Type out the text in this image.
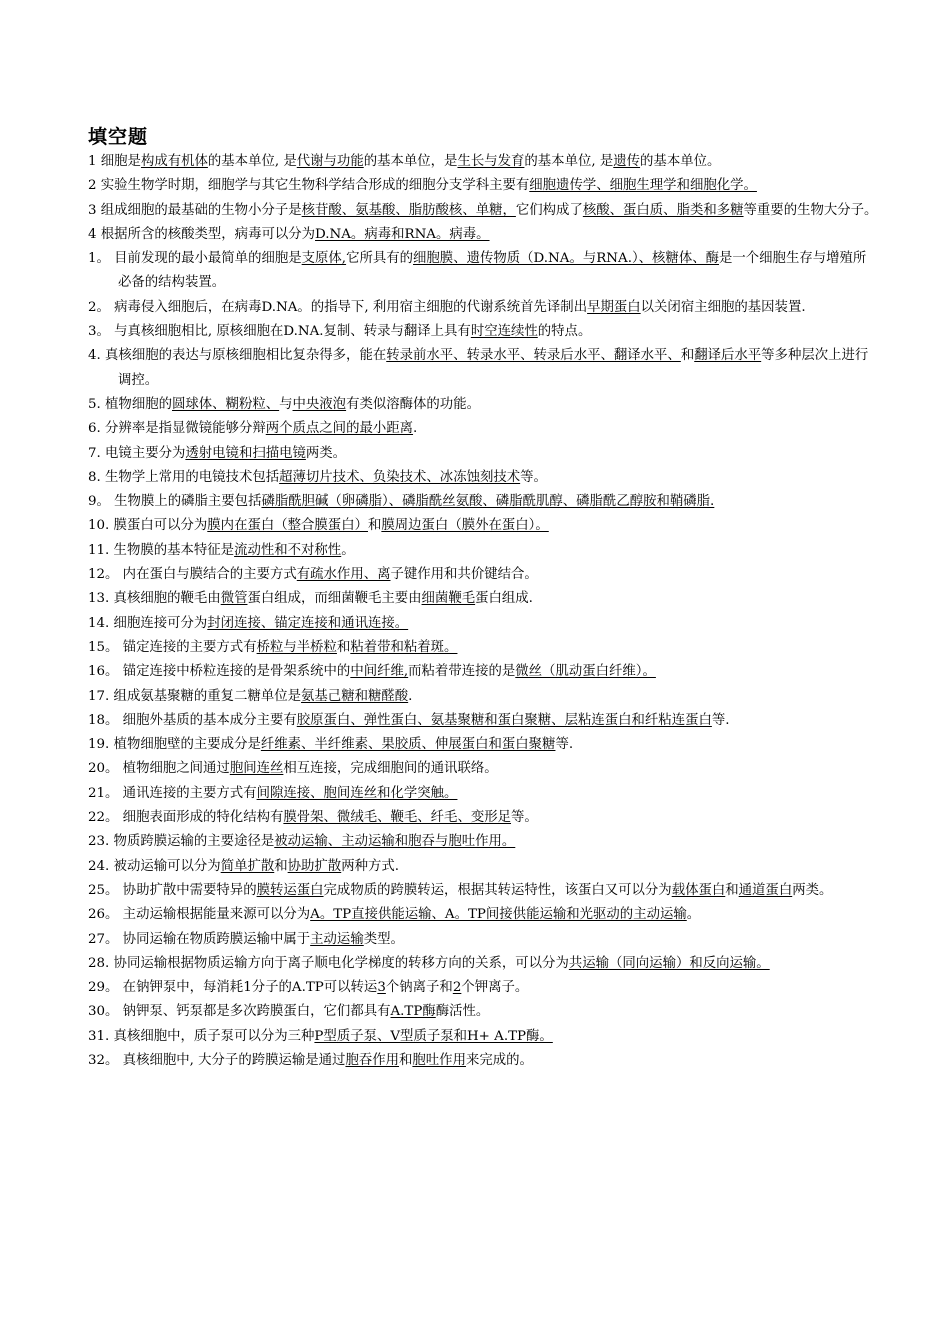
填空题

1 细胞是构成有机体的基本单位, 是代谢与功能的基本单位，是生长与发育的基本单位, 是遗传的基本单位。

2 实验生物学时期，细胞学与其它生物科学结合形成的细胞分支学科主要有细胞遗传学、细胞生理学和细胞化学。

3 组成细胞的最基础的生物小分子是核苷酸、氨基酸、脂肪酸核、单糖，它们构成了核酸、蛋白质、脂类和多糖等重要的生物大分子。

4 根据所含的核酸类型，病毒可以分为D.NA。病毒和RNA。病毒。

1。 目前发现的最小最简单的细胞是支原体,它所具有的细胞膜、遗传物质（D.NA。与RNA.）、核糖体、酶是一个细胞生存与增殖所必备的结构装置。

2。 病毒侵入细胞后，在病毒D.NA。的指导下, 利用宿主细胞的代谢系统首先译制出早期蛋白以关闭宿主细胞的基因装置.

3。 与真核细胞相比, 原核细胞在D.NA.复制、转录与翻译上具有时空连续性的特点。

4. 真核细胞的表达与原核细胞相比复杂得多，能在转录前水平、转录水平、转录后水平、翻译水平、和翻译后水平等多种层次上进行调控。

5. 植物细胞的圆球体、糊粉粒、与中央液泡有类似溶酶体的功能。

6. 分辨率是指显微镜能够分辩两个质点之间的最小距离.

7. 电镜主要分为透射电镜和扫描电镜两类。

8. 生物学上常用的电镜技术包括超薄切片技术、负染技术、冰冻蚀刻技术等。

9。 生物膜上的磷脂主要包括磷脂酰胆碱（卵磷脂）、磷脂酰丝氨酸、磷脂酰肌醇、磷脂酰乙醇胺和鞘磷脂.

10. 膜蛋白可以分为膜内在蛋白（整合膜蛋白）和膜周边蛋白（膜外在蛋白）。

11. 生物膜的基本特征是流动性和不对称性。

12。 内在蛋白与膜结合的主要方式有疏水作用、离子键作用和共价键结合。

13. 真核细胞的鞭毛由微管蛋白组成，而细菌鞭毛主要由细菌鞭毛蛋白组成.

14. 细胞连接可分为封闭连接、锚定连接和通讯连接。

15。 锚定连接的主要方式有桥粒与半桥粒和粘着带和粘着斑。

16。 锚定连接中桥粒连接的是骨架系统中的中间纤维,而粘着带连接的是微丝（肌动蛋白纤维）。

17. 组成氨基聚糖的重复二糖单位是氨基己糖和糖醛酸.

18。 细胞外基质的基本成分主要有胶原蛋白、弹性蛋白、氨基聚糖和蛋白聚糖、层粘连蛋白和纤粘连蛋白等.

19. 植物细胞壁的主要成分是纤维素、半纤维素、果胶质、伸展蛋白和蛋白聚糖等.

20。 植物细胞之间通过胞间连丝相互连接，完成细胞间的通讯联络。

21。 通讯连接的主要方式有间隙连接、胞间连丝和化学突触。

22。 细胞表面形成的特化结构有膜骨架、微绒毛、鞭毛、纤毛、变形足等。

23. 物质跨膜运输的主要途径是被动运输、主动运输和胞吞与胞吐作用。

24. 被动运输可以分为简单扩散和协助扩散两种方式.

25。 协助扩散中需要特异的膜转运蛋白完成物质的跨膜转运，根据其转运特性，该蛋白又可以分为载体蛋白和通道蛋白两类。

26。 主动运输根据能量来源可以分为A。TP直接供能运输、A。TP间接供能运输和光驱动的主动运输。

27。 协同运输在物质跨膜运输中属于主动运输类型。

28. 协同运输根据物质运输方向于离子顺电化学梯度的转移方向的关系，可以分为共运输（同向运输）和反向运输。

29。 在钠钾泵中，每消耗1分子的A.TP可以转运3个钠离子和2个钾离子。

30。 钠钾泵、钙泵都是多次跨膜蛋白，它们都具有A.TP酶酶活性。

31. 真核细胞中，质子泵可以分为三种P型质子泵、V型质子泵和H+ A.TP酶。

32。 真核细胞中, 大分子的跨膜运输是通过胞吞作用和胞吐作用来完成的。
